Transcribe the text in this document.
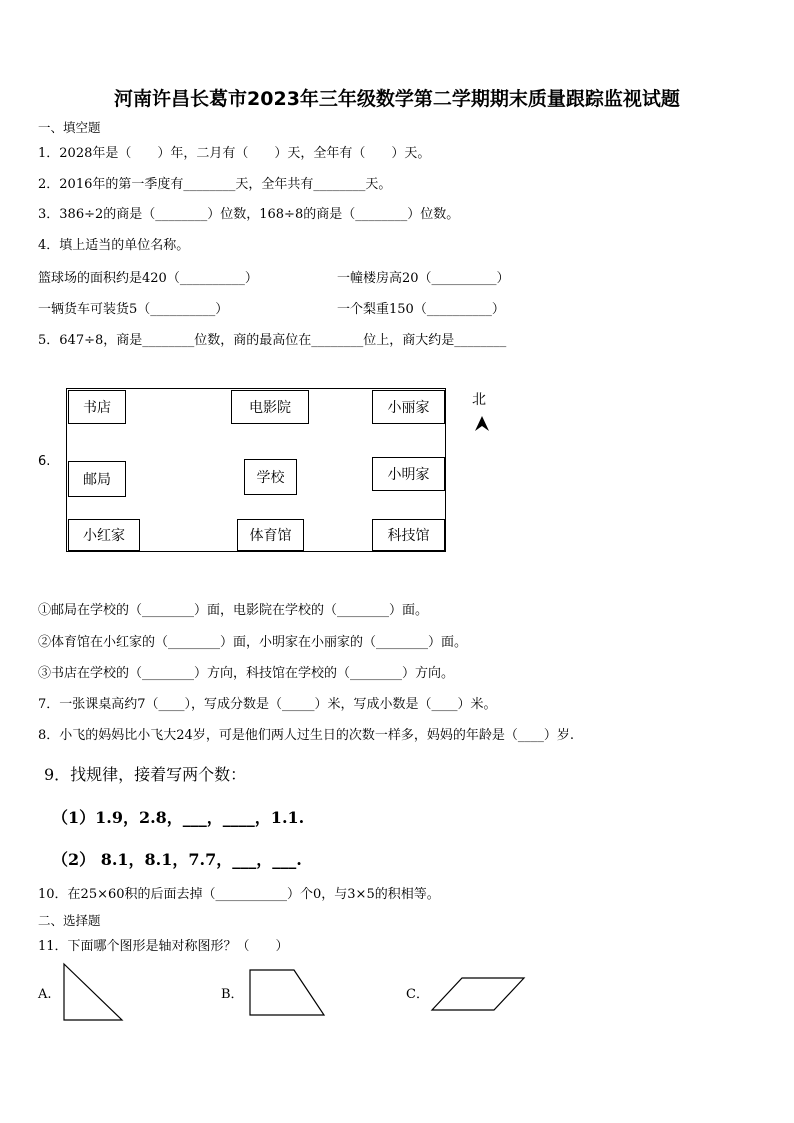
河南许昌长葛市2023年三年级数学第二学期期末质量跟踪监视试题
一、填空题
1．2028年是（　　）年，二月有（　　）天，全年有（　　）天。
2．2016年的第一季度有________天，全年共有________天。
3．386÷2的商是（________）位数，168÷8的商是（________）位数。
4．填上适当的单位名称。
篮球场的面积约是420（__________）	一幢楼房高20（__________）
一辆货车可装货5（__________）	一个梨重150（__________）
5．647÷8，商是________位数，商的最高位在________位上，商大约是________
6.
书店	电影院	小丽家
邮局	学校	小明家
小红家	体育馆	科技馆
北
①邮局在学校的（________）面，电影院在学校的（________）面。
②体育馆在小红家的（________）面，小明家在小丽家的（________）面。
③书店在学校的（________）方向，科技馆在学校的（________）方向。
7．一张课桌高约7（____），写成分数是（_____）米，写成小数是（____）米。
8．小飞的妈妈比小飞大24岁，可是他们两人过生日的次数一样多，妈妈的年龄是（____）岁.
9．找规律，接着写两个数：
（1）1.9，2.8，___，____，1.1.
（2） 8.1，8.1，7.7，___，___.
10．在25×60积的后面去掉（___________）个0，与3×5的积相等。
二、选择题
11．下面哪个图形是轴对称图形？（　　）
A.	B．	C．
